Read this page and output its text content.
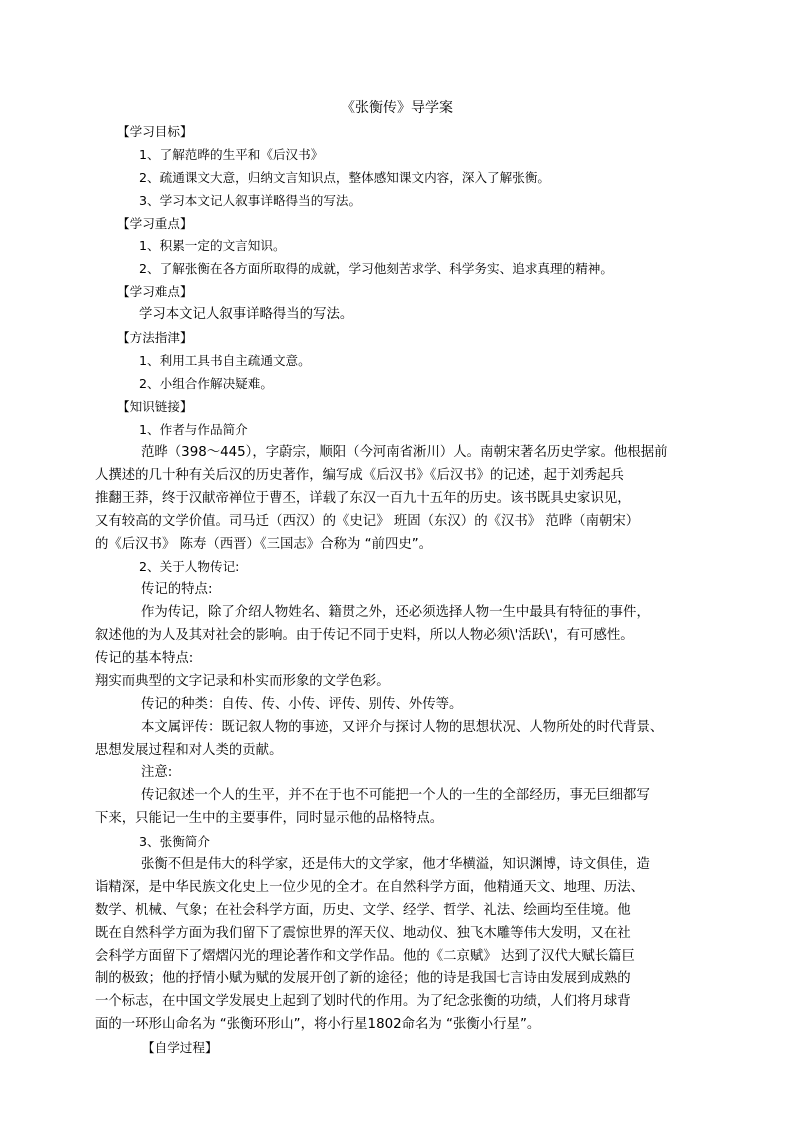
《张衡传》导学案
【学习目标】
1、了解范晔的生平和《后汉书》
2、疏通课文大意，归纳文言知识点，整体感知课文内容，深入了解张衡。
3、学习本文记人叙事详略得当的写法。
【学习重点】
1、积累一定的文言知识。
2、了解张衡在各方面所取得的成就，学习他刻苦求学、科学务实、追求真理的精神。
【学习难点】
学习本文记人叙事详略得当的写法。
【方法指津】
1、利用工具书自主疏通文意。
2、小组合作解决疑难。
【知识链接】
1、作者与作品简介
范晔（398～445），字蔚宗，顺阳（今河南省淅川）人。南朝宋著名历史学家。他根据前
人撰述的几十种有关后汉的历史著作，编写成《后汉书》《后汉书》的记述，起于刘秀起兵
推翻王莽，终于汉献帝禅位于曹丕，详载了东汉一百九十五年的历史。该书既具史家识见，
又有较高的文学价值。司马迁（西汉）的《史记》 班固（东汉）的《汉书》 范晔（南朝宋）
的《后汉书》 陈寿（西晋）《三国志》合称为 “前四史”。
2、关于人物传记:
传记的特点:
作为传记，除了介绍人物姓名、籍贯之外，还必须选择人物一生中最具有特征的事件，
叙述他的为人及其对社会的影响。由于传记不同于史料，所以人物必须\'活跃\'，有可感性。
传记的基本特点:
翔实而典型的文字记录和朴实而形象的文学色彩。
传记的种类：自传、传、小传、评传、别传、外传等。
本文属评传：既记叙人物的事迹，又评介与探讨人物的思想状况、人物所处的时代背景、
思想发展过程和对人类的贡献。
注意:
传记叙述一个人的生平，并不在于也不可能把一个人的一生的全部经历，事无巨细都写
下来，只能记一生中的主要事件，同时显示他的品格特点。
3、张衡简介
张衡不但是伟大的科学家，还是伟大的文学家，他才华横溢，知识渊博，诗文俱佳，造
诣精深，是中华民族文化史上一位少见的全才。在自然科学方面，他精通天文、地理、历法、
数学、机械、气象；在社会科学方面，历史、文学、经学、哲学、礼法、绘画均至佳境。他
既在自然科学方面为我们留下了震惊世界的浑天仪、地动仪、独飞木雕等伟大发明，又在社
会科学方面留下了熠熠闪光的理论著作和文学作品。他的《二京赋》 达到了汉代大赋长篇巨
制的极致；他的抒情小赋为赋的发展开创了新的途径；他的诗是我国七言诗由发展到成熟的
一个标志，在中国文学发展史上起到了划时代的作用。为了纪念张衡的功绩，人们将月球背
面的一环形山命名为 “张衡环形山”，将小行星1802命名为 “张衡小行星”。
【自学过程】
